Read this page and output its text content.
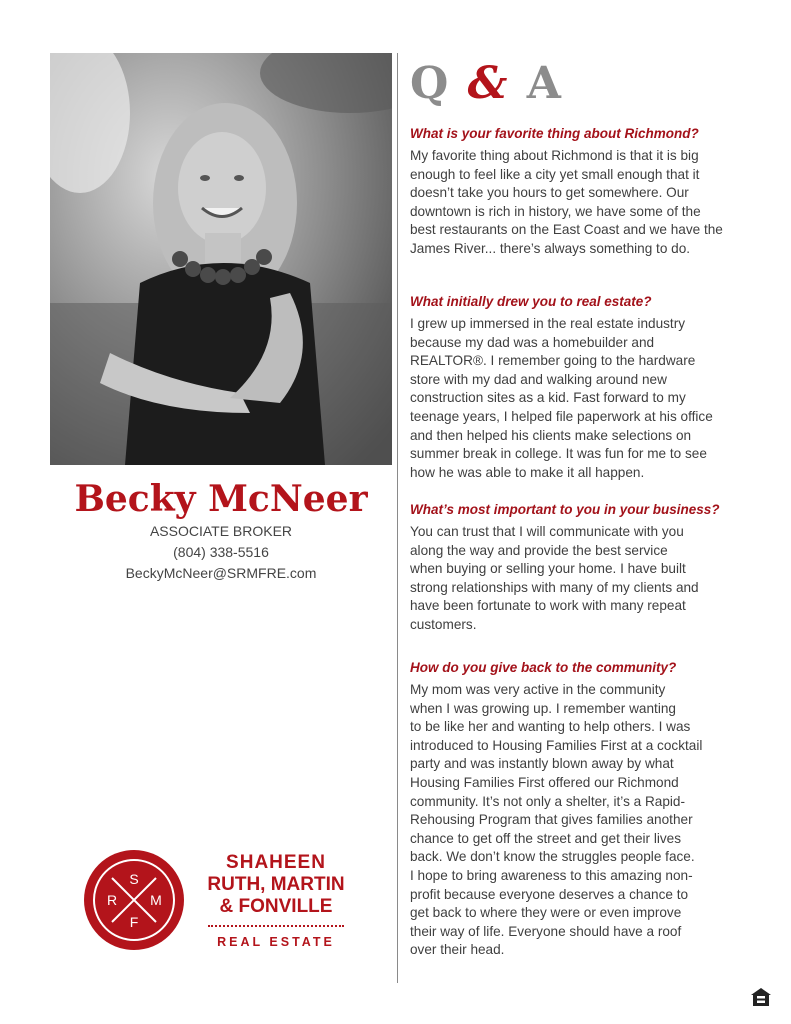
Becky McNeer
ASSOCIATE BROKER
(804) 338-5516
BeckyMcNeer@SRMFRE.com
Q & A

What is your favorite thing about Richmond?

My favorite thing about Richmond is that it is big
enough to feel like a city yet small enough that it
doesn’t take you hours to get somewhere. Our
downtown is rich in history, we have some of the
best restaurants on the East Coast and we have the
James River... there’s always something to do.

What initially drew you to real estate?

I grew up immersed in the real estate industry
because my dad was a homebuilder and
REALTOR®. I remember going to the hardware
store with my dad and walking around new
construction sites as a kid. Fast forward to my
teenage years, I helped file paperwork at his office
and then helped his clients make selections on
summer break in college. It was fun for me to see
how he was able to make it all happen.

What’s most important to you in your business?

You can trust that I will communicate with you
along the way and provide the best service
when buying or selling your home. I have built
strong relationships with many of my clients and
have been fortunate to work with many repeat
customers.

How do you give back to the community?

My mom was very active in the community
when I was growing up. I remember wanting
to be like her and wanting to help others. I was
introduced to Housing Families First at a cocktail
party and was instantly blown away by what
Housing Families First offered our Richmond
community. It’s not only a shelter, it’s a Rapid-
Rehousing Program that gives families another
chance to get off the street and get their lives
back. We don’t know the struggles people face.
I hope to bring awareness to this amazing non-
profit because everyone deserves a chance to
get back to where they were or even improve
their way of life. Everyone should have a roof
over their head.

S
R M
F
SHAHEEN
RUTH, MARTIN
& FONVILLE
REAL ESTATE
